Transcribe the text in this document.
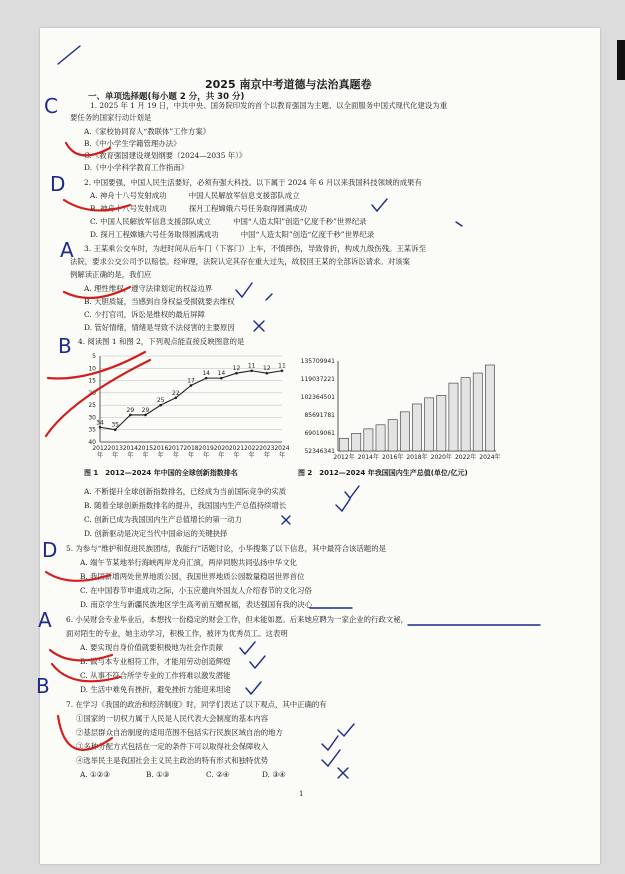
2025 南京中考道德与法治真题卷
一、单项选择题(每小题 2 分，共 30 分)
1. 2025 年 1 月 19 日，中共中央、国务院印发的首个以教育强国为主题、以全面服务中国式现代化建设为重
要任务的国家行动计划是
A.《家校协同育人“教联体”工作方案》
B.《中小学生学籍管理办法》
C.《教育强国建设规划纲要（2024—2035 年）》
D.《中小学科学教育工作指南》
2. 中国要强，中国人民生活要好，必须有强大科技。以下属于 2024 年 6 月以来我国科技领域的成果有
A. 神舟十八号发射成功　　　中国人民解放军信息支援部队成立
B. 神舟十八号发射成功　　　探月工程嫦娥六号任务取得圆满成功
C. 中国人民解放军信息支援部队成立　　　中国“人造太阳”创造“亿度千秒”世界纪录
D. 探月工程嫦娥六号任务取得圆满成功　　　中国“人造太阳”创造“亿度千秒”世界纪录
3. 王某乘公交车时，为赶时间从后车门（下客门）上车，不慎摔伤，导致骨折，构成九级伤残。王某诉至
法院，要求公交公司予以赔偿。经审理，法院认定其存在重大过失，故驳回王某的全部诉讼请求。对该案
例解读正确的是，我们应
A. 理性维权，遵守法律划定的权益边界
B. 大胆质疑，当感到自身权益受损就要去维权
C. 少打官司，诉讼是维权的最后屏障
D. 管好情绪，情绪是导致不法侵害的主要原因
4. 阅读图 1 和图 2，下列观点能直接反映图意的是
5
10
15
20
25
30
35
40
34 35
29 29
25
22
17
14 14
12 11 12 11
2012
年
2013
年
2014
年
2015
年
2016
年
2017
年
2018
年
2019
年
2020
年
2021
年
2022
年
2023
年
2024
年
图 1　2012—2024 年中国的全球创新指数排名
52346341
69019061
85691781
102364501
119037221
135709941
2012年 2014年 2016年 2018年 2020年 2022年 2024年
图 2　2012—2024 年我国国内生产总值(单位/亿元)
A. 不断提升全球创新指数排名，已经成为当前国际竞争的实质
B. 随着全球创新指数排名的提升，我国国内生产总值持续增长
C. 创新已成为我国国内生产总值增长的第一动力
D. 创新驱动是决定当代中国命运的关键抉择
5. 为参与“维护和促进民族团结，我能行”话题讨论，小华搜集了以下信息，其中最符合该话题的是
A. 端午节某地举行海峡两岸龙舟汇演，两岸同胞共同弘扬中华文化
B. 我国新增两处世界地质公园，我国世界地质公园数量稳居世界首位
C. 在中国春节申遗成功之际，小玉应邀向外国友人介绍春节的文化习俗
D. 南京学生与新疆民族地区学生高考前互赠祝福，表达强国有我的决心
6. 小吴财会专业毕业后，本想找一份稳定的财会工作，但未能如愿。后来她应聘为一家企业的行政文秘，
面对陌生的专业，她主动学习，积极工作，被评为优秀员工。这表明
A. 要实现自身价值就要积极地为社会作贡献
B. 做与本专业相符工作，才能用劳动创造辉煌
C. 从事不符合所学专业的工作将难以激发潜能
D. 生活中难免有挫折，避免挫折方能迎来坦途
7. 在学习《我国的政治和经济制度》时，同学们表达了以下观点，其中正确的有
①国家的一切权力属于人民是人民代表大会制度的基本内容
②基层群众自治制度的适用范围不包括实行民族区域自治的地方
③多种分配方式包括在一定的条件下可以取得社会保障收入
④选举民主是我国社会主义民主政治的特有形式和独特优势
A. ①②③	B. ①③	C. ②④	D. ③④
1
C
D
A
B
D
A
B
